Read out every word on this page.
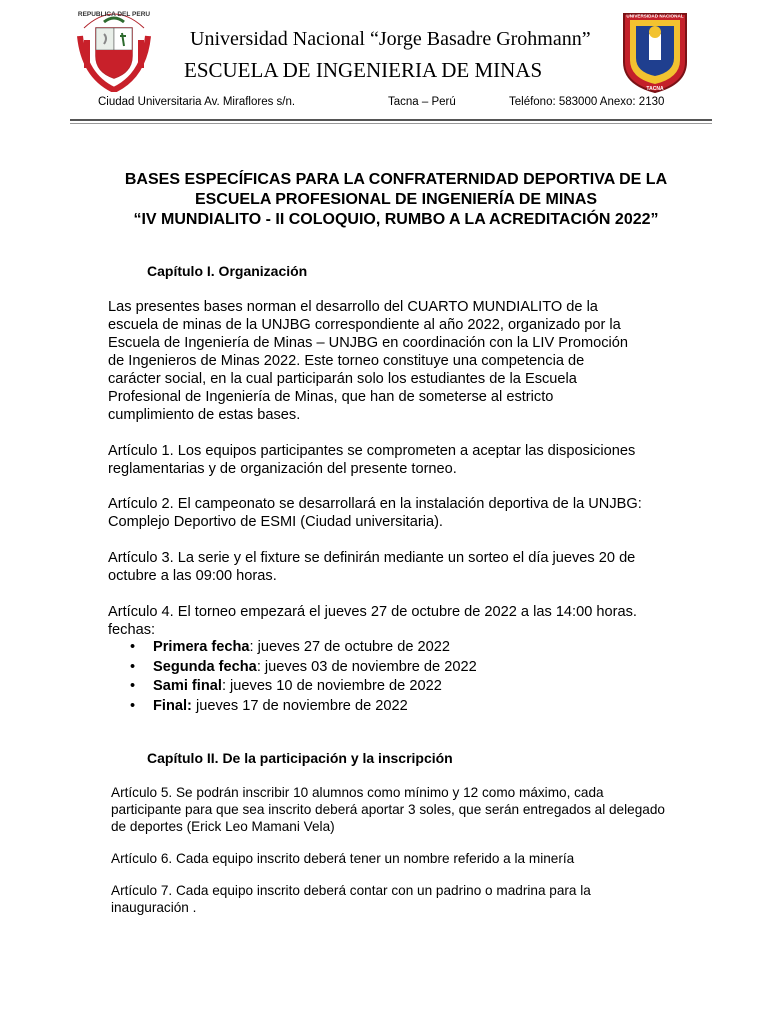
REPUBLICA DEL PERU	UNIVERSIDAD NACIONAL
TACNA
Universidad Nacional “Jorge Basadre Grohmann”
ESCUELA DE INGENIERIA DE MINAS
Ciudad Universitaria Av. Miraflores s/n.	Tacna – Perú	Teléfono: 583000 Anexo: 2130
BASES ESPECÍFICAS PARA LA CONFRATERNIDAD DEPORTIVA DE LA
ESCUELA PROFESIONAL DE INGENIERÍA DE MINAS
“IV MUNDIALITO - II COLOQUIO, RUMBO A LA ACREDITACIÓN 2022”
Capítulo I. Organización

Las presentes bases norman el desarrollo del CUARTO MUNDIALITO de la

escuela de minas de la UNJBG correspondiente al año 2022, organizado por la

Escuela de Ingeniería de Minas – UNJBG en coordinación con la LIV Promoción

de Ingenieros de Minas 2022. Este torneo constituye una competencia de

carácter social, en la cual participarán solo los estudiantes de la Escuela

Profesional de Ingeniería de Minas, que han de someterse al estricto

cumplimiento de estas bases.

Artículo 1. Los equipos participantes se comprometen a aceptar las disposiciones

reglamentarias y de organización del presente torneo.

Artículo 2. El campeonato se desarrollará en la instalación deportiva de la UNJBG:

Complejo Deportivo de ESMI (Ciudad universitaria).

Artículo 3. La serie y el fixture se definirán mediante un sorteo el día jueves 20 de

octubre a las 09:00 horas.

Artículo 4. El torneo empezará el jueves 27 de octubre de 2022 a las 14:00 horas.

fechas:

•	Primera fecha: jueves 27 de octubre de 2022
•	Segunda fecha: jueves 03 de noviembre de 2022
•	Sami final: jueves 10 de noviembre de 2022
•	Final: jueves 17 de noviembre de 2022
Capítulo II. De la participación y la inscripción
Artículo 5. Se podrán inscribir 10 alumnos como mínimo y 12 como máximo, cada
participante para que sea inscrito deberá aportar 3 soles, que serán entregados al delegado
de deportes (Erick Leo Mamani Vela)
Artículo 6. Cada equipo inscrito deberá tener un nombre referido a la minería
Artículo 7. Cada equipo inscrito deberá contar con un padrino o madrina para la
inauguración .
